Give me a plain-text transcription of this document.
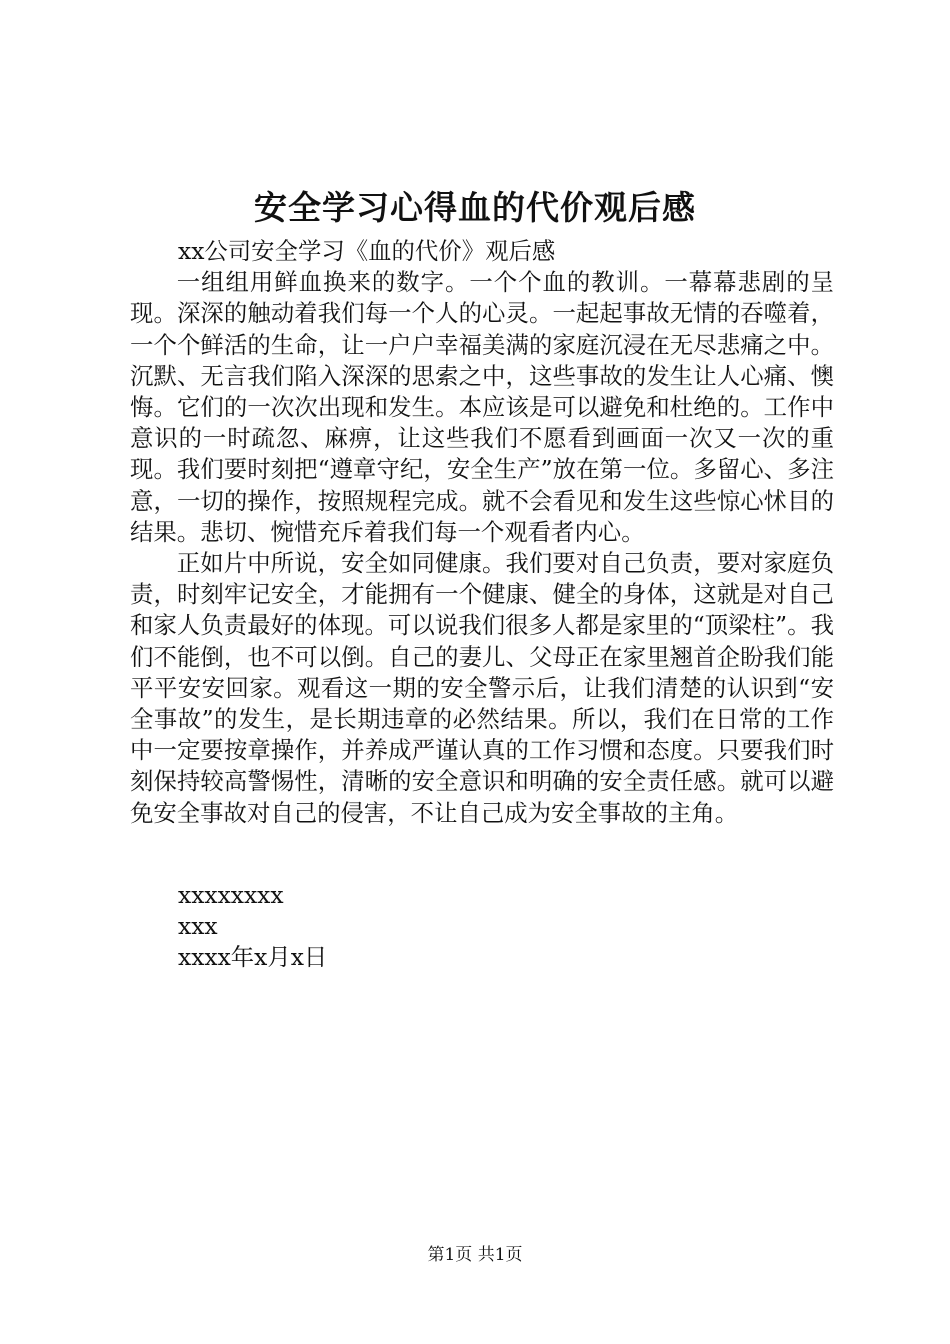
安全学习心得血的代价观后感

xx公司安全学习《血的代价》观后感

一组组用鲜血换来的数字。一个个血的教训。一幕幕悲剧的呈现。深深的触动着我们每一个人的心灵。一起起事故无情的吞噬着，一个个鲜活的生命，让一户户幸福美满的家庭沉浸在无尽悲痛之中。沉默、无言我们陷入深深的思索之中，这些事故的发生让人心痛、懊悔。它们的一次次出现和发生。本应该是可以避免和杜绝的。工作中意识的一时疏忽、麻痹，让这些我们不愿看到画面一次又一次的重现。我们要时刻把“遵章守纪，安全生产”放在第一位。多留心、多注意，一切的操作，按照规程完成。就不会看见和发生这些惊心怵目的结果。悲切、惋惜充斥着我们每一个观看者内心。

正如片中所说，安全如同健康。我们要对自己负责，要对家庭负责，时刻牢记安全，才能拥有一个健康、健全的身体，这就是对自己和家人负责最好的体现。可以说我们很多人都是家里的“顶梁柱”。我们不能倒，也不可以倒。自己的妻儿、父母正在家里翘首企盼我们能平平安安回家。观看这一期的安全警示后，让我们清楚的认识到“安全事故”的发生，是长期违章的必然结果。所以，我们在日常的工作中一定要按章操作，并养成严谨认真的工作习惯和态度。只要我们时刻保持较高警惕性，清晰的安全意识和明确的安全责任感。就可以避免安全事故对自己的侵害，不让自己成为安全事故的主角。

xxxxxxxx
xxx
xxxx年x月x日
第1页 共1页
